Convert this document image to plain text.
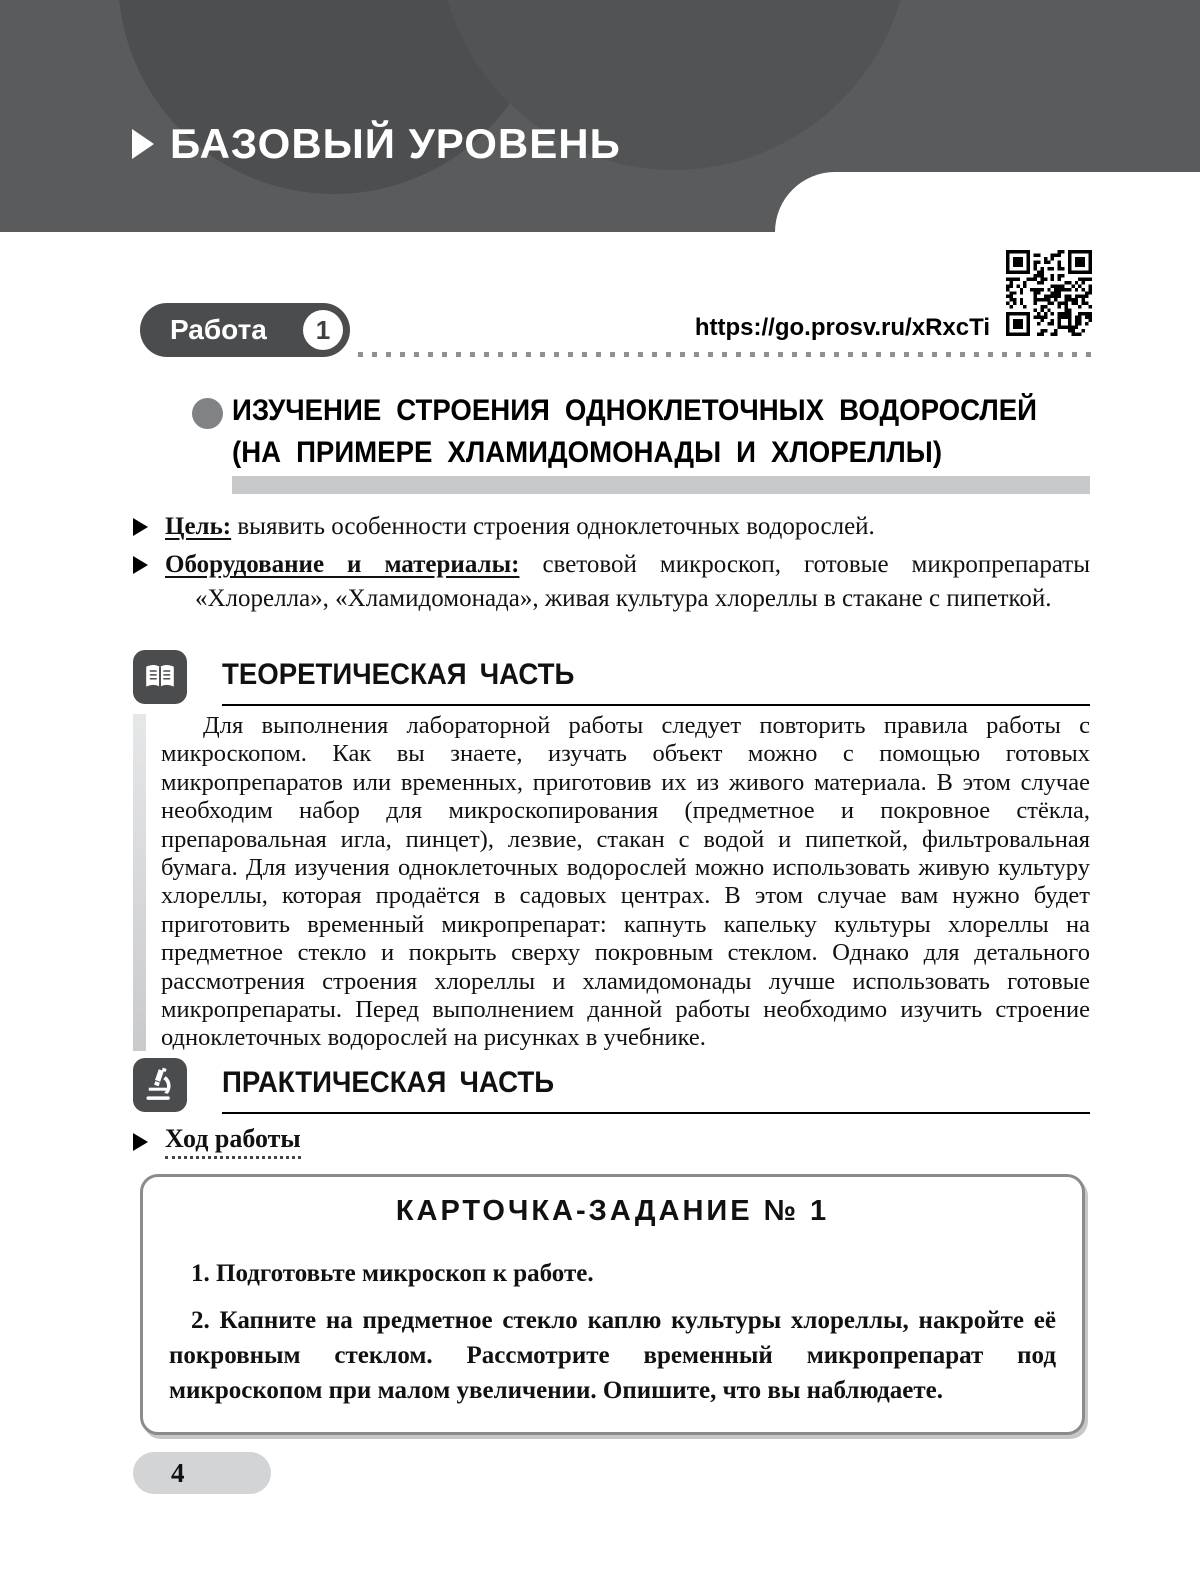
БАЗОВЫЙ УРОВЕНЬ
Работа	1	https://go.prosv.ru/xRxcTi
ИЗУЧЕНИЕ СТРОЕНИЯ ОДНОКЛЕТОЧНЫХ ВОДОРОСЛЕЙ
(НА ПРИМЕРЕ ХЛАМИДОМОНАДЫ И ХЛОРЕЛЛЫ)

Цель: выявить особенности строения одноклеточных водорослей.

Оборудование и материалы: световой микроскоп, готовые микропрепараты «Хлорелла», «Хламидомонада», живая культура хлореллы в стакане с пипеткой.

ТЕОРЕТИЧЕСКАЯ ЧАСТЬ

Для выполнения лабораторной работы следует повторить правила работы с микроскопом. Как вы знаете, изучать объект можно с помощью готовых микропрепаратов или временных, приготовив их из живого материала. В этом случае необходим набор для микроскопирования (предметное и покровное стёкла, препаровальная игла, пинцет), лезвие, стакан с водой и пипеткой, фильтровальная бумага. Для изучения одноклеточных водорослей можно использовать живую культуру хлореллы, которая продаётся в садовых центрах. В этом случае вам нужно будет приготовить временный микропрепарат: капнуть капельку культуры хлореллы на предметное стекло и покрыть сверху покровным стеклом. Однако для детального рассмотрения строения хлореллы и хламидомонады лучше использовать готовые микропрепараты. Перед выполнением данной работы необходимо изучить строение одноклеточных водорослей на рисунках в учебнике.

ПРАКТИЧЕСКАЯ ЧАСТЬ

Ход работы

КАРТОЧКА-ЗАДАНИЕ № 1

1. Подготовьте микроскоп к работе.

2. Капните на предметное стекло каплю культуры хлореллы, накройте её покровным стеклом. Рассмотрите временный микропрепарат под микроскопом при малом увеличении. Опишите, что вы наблюдаете.

4
